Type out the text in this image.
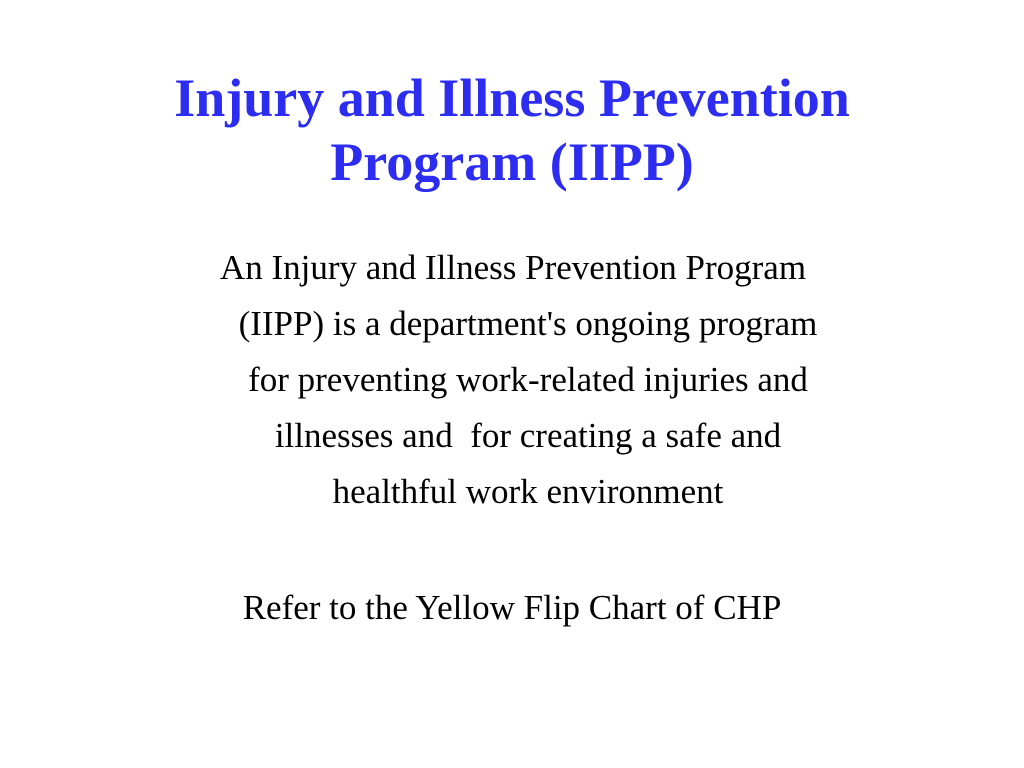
Injury and Illness Prevention
Program (IIPP)

An Injury and Illness Prevention Program
(IIPP) is a department's ongoing program
for preventing work-related injuries and
illnesses and  for creating a safe and
healthful work environment

Refer to the Yellow Flip Chart of CHP
